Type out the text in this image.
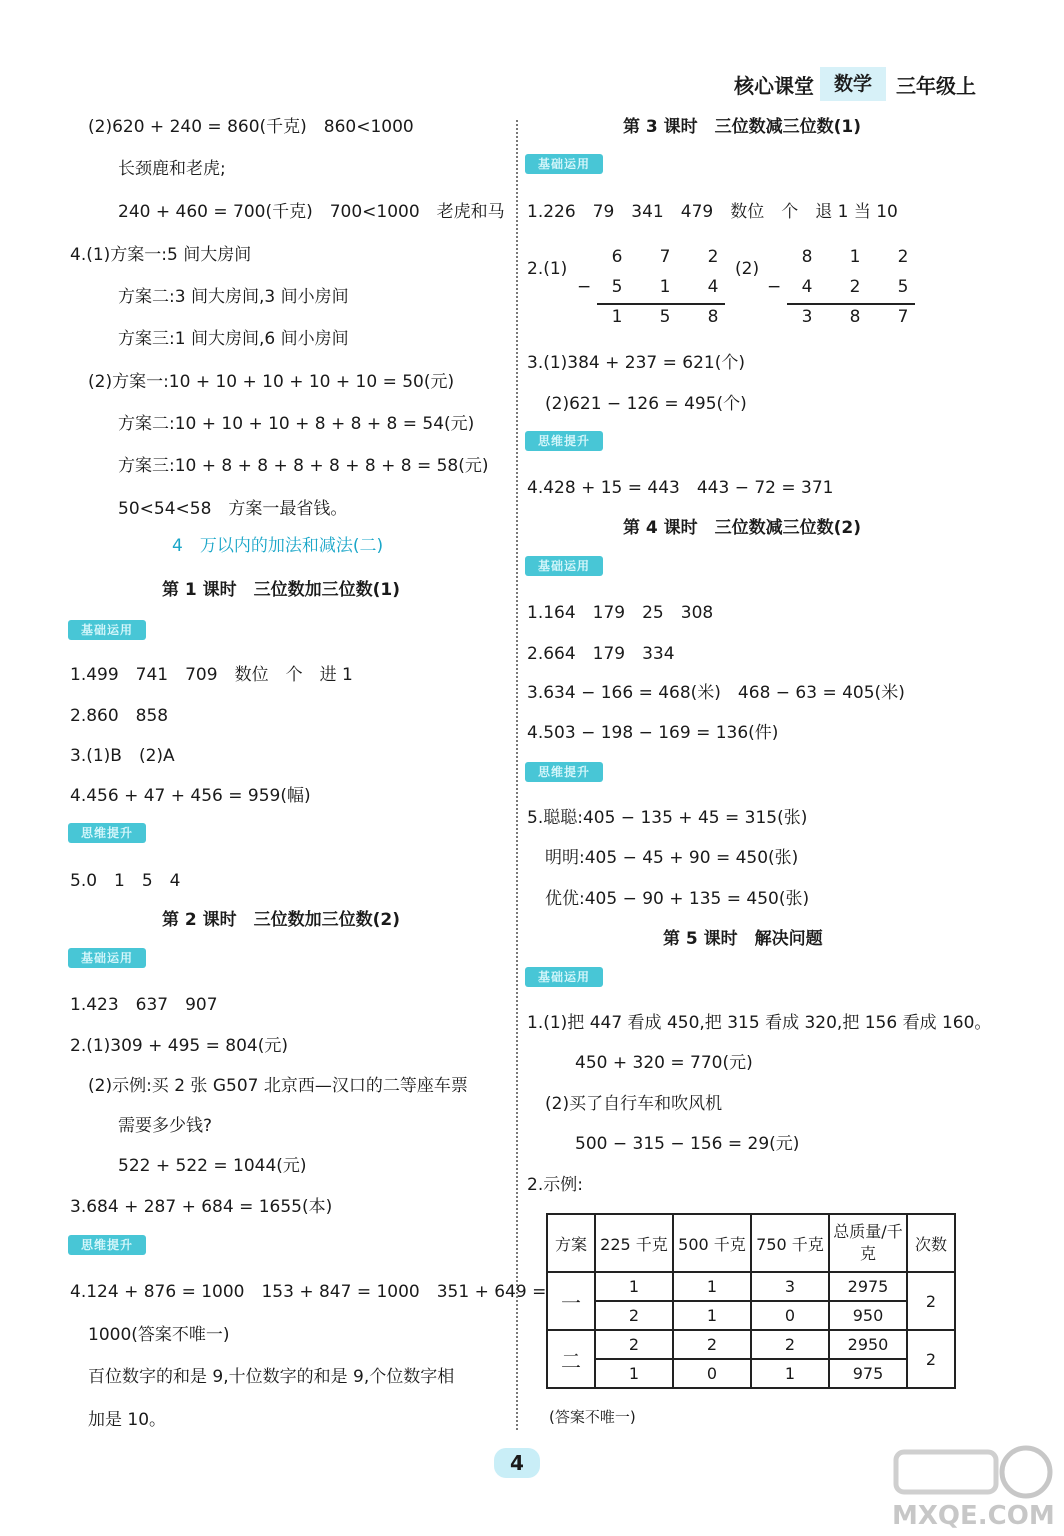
核心课堂	数学	三年级上
(2)620 + 240 = 860(千克)　860<1000
长颈鹿和老虎;
240 + 460 = 700(千克)　700<1000　老虎和马
4.(1)方案一:5 间大房间
方案二:3 间大房间,3 间小房间
方案三:1 间大房间,6 间小房间
(2)方案一:10 + 10 + 10 + 10 + 10 = 50(元)
方案二:10 + 10 + 10 + 8 + 8 + 8 = 54(元)
方案三:10 + 8 + 8 + 8 + 8 + 8 + 8 = 58(元)
50<54<58　方案一最省钱。
4　万以内的加法和减法(二)
第 1 课时　三位数加三位数(1)
基础运用
1.499　741　709　数位　个　进 1
2.860　858
3.(1)B　(2)A
4.456 + 47 + 456 = 959(幅)
思维提升
5.0　1　5　4
第 2 课时　三位数加三位数(2)
基础运用
1.423　637　907
2.(1)309 + 495 = 804(元)
(2)示例:买 2 张 G507 北京西—汉口的二等座车票
需要多少钱?
522 + 522 = 1044(元)
3.684 + 287 + 684 = 1655(本)
思维提升
4.124 + 876 = 1000　153 + 847 = 1000　351 + 649 =
1000(答案不唯一)
百位数字的和是 9,十位数字的和是 9,个位数字相
加是 10。
第 3 课时　三位数减三位数(1)
基础运用
1.226　79　341　479　数位　个　退 1 当 10
2.(1)
6	7	2
5	1	4
1	5	8
−
(2)
8	1	2
4	2	5
3	8	7
−
3.(1)384 + 237 = 621(个)
(2)621 − 126 = 495(个)
思维提升
4.428 + 15 = 443　443 − 72 = 371
第 4 课时　三位数减三位数(2)
基础运用
1.164　179　25　308
2.664　179　334
3.634 − 166 = 468(米)　468 − 63 = 405(米)
4.503 − 198 − 169 = 136(件)
思维提升
5.聪聪:405 − 135 + 45 = 315(张)
明明:405 − 45 + 90 = 450(张)
优优:405 − 90 + 135 = 450(张)
第 5 课时　解决问题
基础运用
1.(1)把 447 看成 450,把 315 看成 320,把 156 看成 160。
450 + 320 = 770(元)
(2)买了自行车和吹风机
500 − 315 − 156 = 29(元)
2.示例:
(答案不唯一)
方案	225 千克	500 千克	750 千克	总质量/千克	次数
一	1	1	3	2975	2
	2	1	0	950	
二	2	2	2	2950	2
	1	0	1	975	
4
MXQE.COM
